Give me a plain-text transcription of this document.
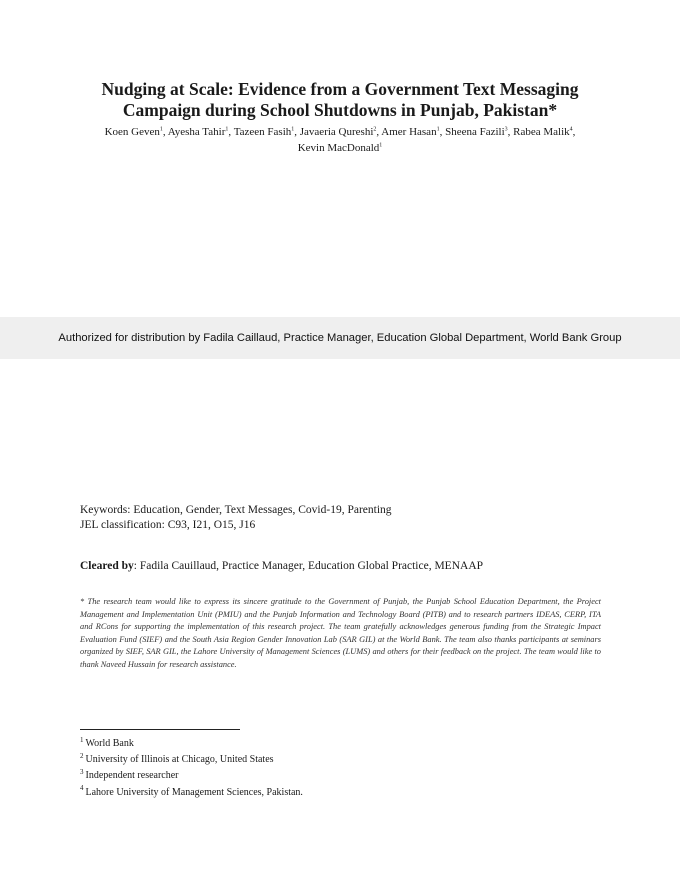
Nudging at Scale: Evidence from a Government Text Messaging
Campaign during School Shutdowns in Punjab, Pakistan*
Koen Geven$^1$, Ayesha Tahir$^1$, Tazeen Fasih$^1$, Javaeria Qureshi$^2$, Amer Hasan$^1$, Sheena Fazili$^3$, Rabea Malik$^4$,
Kevin MacDonald$^1$
Authorized for distribution by Fadila Caillaud, Practice Manager, Education Global Department, World Bank Group
Keywords: Education, Gender, Text Messages, Covid-19, Parenting
JEL classification: C93, I21, O15, J16
Cleared by: Fadila Cauillaud, Practice Manager, Education Global Practice, MENAAP
* The research team would like to express its sincere gratitude to the Government of Punjab, the Punjab School Education Department, the Project Management and Implementation Unit (PMIU) and the Punjab Information and Technology Board (PITB) and to research partners IDEAS, CERP, ITA and RCons for supporting the implementation of this research project. The team gratefully acknowledges generous funding from the Strategic Impact Evaluation Fund (SIEF) and the South Asia Region Gender Innovation Lab (SAR GIL) at the World Bank. The team also thanks participants at seminars organized by SIEF, SAR GIL, the Lahore University of Management Sciences (LUMS) and others for their feedback on the project. The team would like to thank Naveed Hussain for research assistance.
$^1$ World Bank
$^2$ University of Illinois at Chicago, United States
$^3$ Independent researcher
$^4$ Lahore University of Management Sciences, Pakistan.
